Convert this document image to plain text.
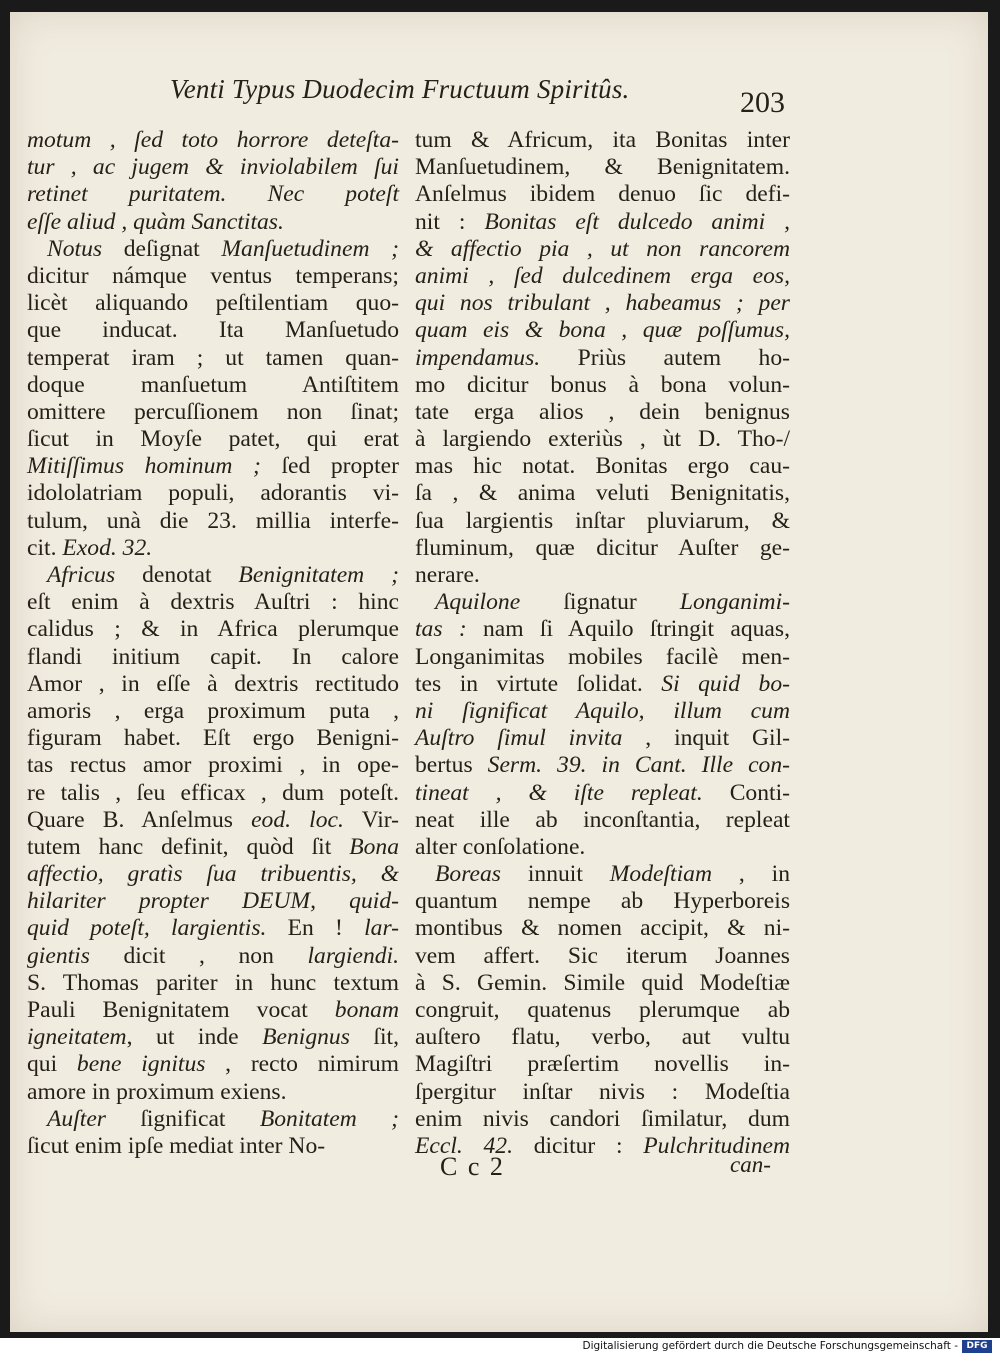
Venti Typus Duodecim Fructuum Spiritûs.	203
motum , ſed toto horrore deteſta-
tur , ac jugem & inviolabilem ſui
retinet puritatem. Nec poteſt
eſſe aliud , quàm Sanctitas.
Notus deſignat Manſuetudinem ;
dicitur námque ventus temperans;
licèt aliquando peſtilentiam quo-
que inducat. Ita Manſuetudo
temperat iram ; ut tamen quan-
doque manſuetum Antiſtitem
omittere percuſſionem non ſinat;
ſicut in Moyſe patet, qui erat
Mitiſſimus hominum ; ſed propter
idololatriam populi, adorantis vi-
tulum, unà die 23. millia interfe-
cit. Exod. 32.
Africus denotat Benignitatem ;
eſt enim à dextris Auſtri : hinc
calidus ; & in Africa plerumque
flandi initium capit. In calore
Amor , in eſſe à dextris rectitudo
amoris , erga proximum puta ,
figuram habet. Eſt ergo Benigni-
tas rectus amor proximi , in ope-
re talis , ſeu efficax , dum poteſt.
Quare B. Anſelmus eod. loc. Vir-
tutem hanc definit, quòd ſit Bona
affectio, gratìs ſua tribuentis, &
hilariter propter DEUM, quid-
quid poteſt, largientis. En ! lar-
gientis dicit , non largiendi.
S. Thomas pariter in hunc textum
Pauli Benignitatem vocat bonam
igneitatem, ut inde Benignus ſit,
qui bene ignitus , recto nimirum
amore in proximum exiens.
Auſter ſignificat Bonitatem ;
ſicut enim ipſe mediat inter No-
tum & Africum, ita Bonitas inter
Manſuetudinem, & Benignitatem.
Anſelmus ibidem denuo ſic defi-
nit : Bonitas eſt dulcedo animi ,
& affectio pia , ut non rancorem
animi , ſed dulcedinem erga eos,
qui nos tribulant , habeamus ; per
quam eis & bona , quæ poſſumus,
impendamus. Priùs autem ho-
mo dicitur bonus à bona volun-
tate erga alios , dein benignus
à largiendo exteriùs , ùt D. Tho-/
mas hic notat. Bonitas ergo cau-
ſa , & anima veluti Benignitatis,
ſua largientis inſtar pluviarum, &
fluminum, quæ dicitur Auſter ge-
nerare.
Aquilone ſignatur Longanimi-
tas : nam ſi Aquilo ſtringit aquas,
Longanimitas mobiles facilè men-
tes in virtute ſolidat. Si quid bo-
ni ſignificat Aquilo, illum cum
Auſtro ſimul invita , inquit Gil-
bertus Serm. 39. in Cant. Ille con-
tineat , & iſte repleat. Conti-
neat ille ab inconſtantia, repleat
alter conſolatione.
Boreas innuit Modeſtiam , in
quantum nempe ab Hyperboreis
montibus & nomen accipit, & ni-
vem affert. Sic iterum Joannes
à S. Gemin. Simile quid Modeſtiæ
congruit, quatenus plerumque ab
auſtero flatu, verbo, aut vultu
Magiſtri præſertim novellis in-
ſpergitur inſtar nivis : Modeſtia
enim nivis candori ſimilatur, dum
Eccl. 42. dicitur : Pulchritudinem
C c 2	can-
Digitalisierung gefördert durch die Deutsche Forschungsgemeinschaft - DFG
